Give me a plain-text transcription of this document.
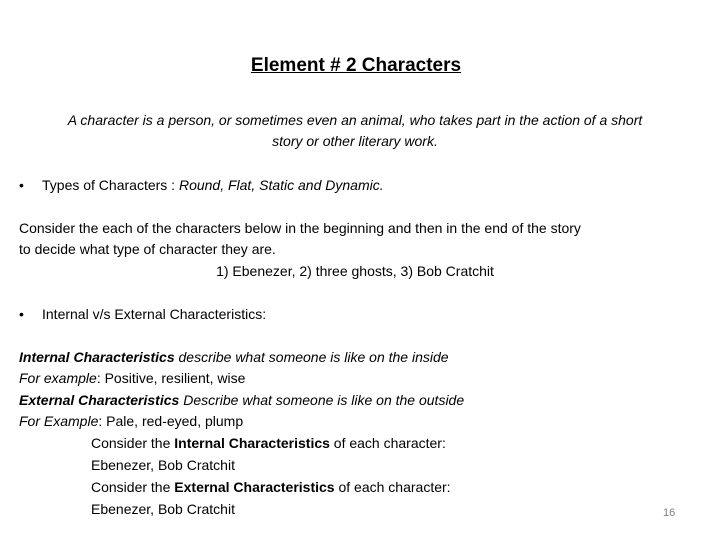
Element # 2 Characters
A character is a person, or sometimes even an animal, who takes part in the action of a short
story or other literary work.
• Types of Characters : Round, Flat, Static and Dynamic.
Consider the each of the characters below in the beginning and then in the end of the story
to decide what type of character they are.
1) Ebenezer, 2) three ghosts, 3) Bob Cratchit
• Internal v/s External Characteristics:
Internal Characteristics describe what someone is like on the inside
For example: Positive, resilient, wise
External Characteristics Describe what someone is like on the outside
For Example: Pale, red-eyed, plump
Consider the Internal Characteristics of each character:
Ebenezer, Bob Cratchit
Consider the External Characteristics of each character:
Ebenezer, Bob Cratchit	16
